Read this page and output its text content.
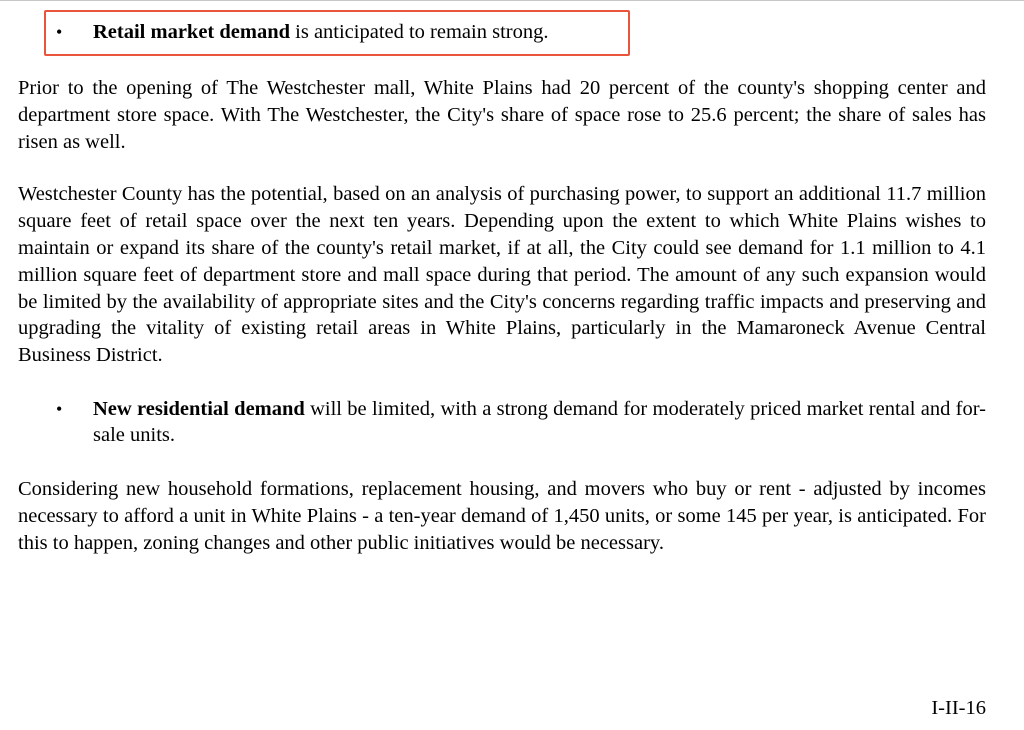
•	Retail market demand is anticipated to remain strong.

Prior to the opening of The Westchester mall, White Plains had 20 percent of the county's shopping center and department store space. With The Westchester, the City's share of space rose to 25.6 percent; the share of sales has risen as well.

Westchester County has the potential, based on an analysis of purchasing power, to support an additional 11.7 million square feet of retail space over the next ten years. Depending upon the extent to which White Plains wishes to maintain or expand its share of the county's retail market, if at all, the City could see demand for 1.1 million to 4.1 million square feet of department store and mall space during that period. The amount of any such expansion would be limited by the availability of appropriate sites and the City's concerns regarding traffic impacts and preserving and upgrading the vitality of existing retail areas in White Plains, particularly in the Mamaroneck Avenue Central Business District.

•	New residential demand will be limited, with a strong demand for moderately priced market rental and for-sale units.

Considering new household formations, replacement housing, and movers who buy or rent - adjusted by incomes necessary to afford a unit in White Plains - a ten-year demand of 1,450 units, or some 145 per year, is anticipated. For this to happen, zoning changes and other public initiatives would be necessary.

I-II-16
